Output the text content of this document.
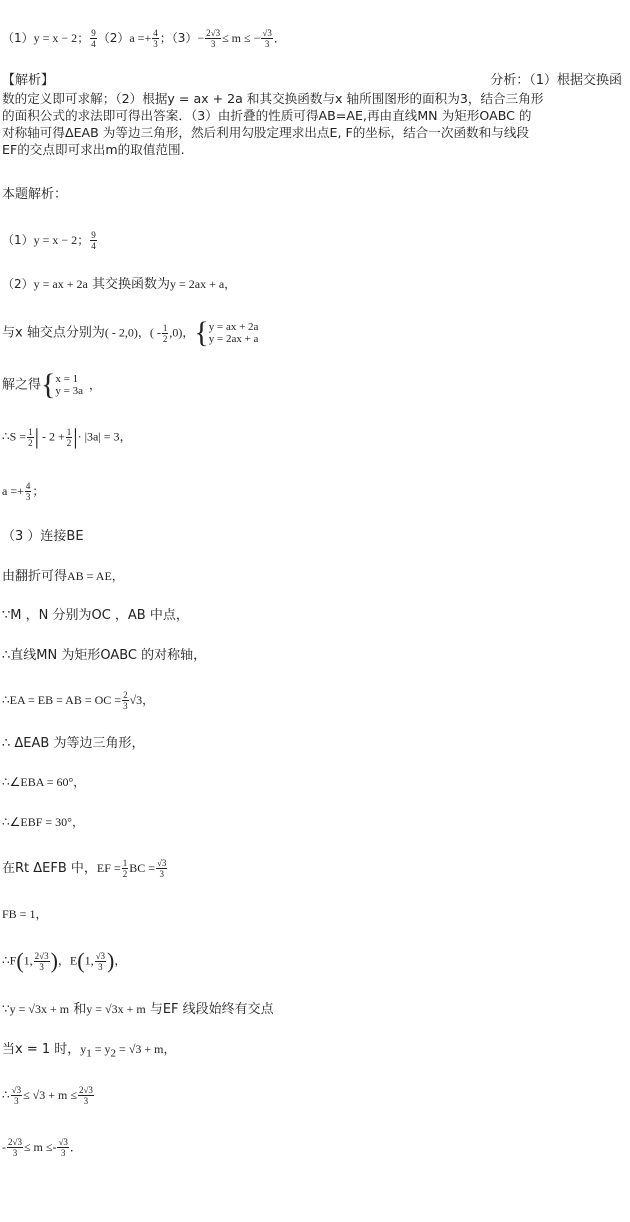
（1）y = x − 2； $\frac{9}{4} (2)a =+ \frac{4}{3}$ ；$(3)- \frac{2√3}{3} \le m$ ≤ − $\frac{√3}{3}$ ．
【解析】	分析：（1）根据交换函
数的定义即可求解；（2）根据y = ax + 2a 和其交换函数与x 轴所围图形的面积为3，结合三角形
的面积公式的求法即可得出答案．（3）由折叠的性质可得AB=AE,再由直线MN 为矩形OABC 的
对称轴可得ΔEAB 为等边三角形，然后利用勾股定理求出点E, F的坐标，结合一次函数和与线段
EF的交点即可求出m的取值范围.
本题解析：
（1）y = x − 2； $\frac{9}{4}$
（2）y = ax + 2a 其交换函数为y = 2ax + a，
与x 轴交点分别为( - 2,0)，( - $\frac{1}{2} ,0$)，{ y = ax + 2a
y = 2ax + a
解之得{ x = 1
y = 3a ，
∴S = $\frac{1}{2}$ | - $2 + \frac{1}{2}$ |· |3a| = 3，
$a =+ \frac{4}{3}$ ；
（3 ）连接BE
由翻折可得AB = AE，
∵M ，N 分别为OC ，AB 中点，
∴直线MN 为矩形OABC 的对称轴，
∴EA = EB = AB = OC = $\frac{2}{3} √3$，
∴ ΔEAB 为等边三角形，
∴∠EBA = 60°，
∴∠EBF = 30°，
在Rt ΔEFB 中，EF = $\frac{1}{2}$ BC = $\frac{√3}{3}$
FB = 1，
∴F(1, $\frac{2√3}{3}$ )，E(1, $\frac{√3}{3}$ )，
∵y = √3x + m 和y = √3x + m 与EF 线段始终有交点
当x = 1 时，$y_1 = y_2 = √3 + m$，
∴ $\frac{√3}{3} \le √3 + m \le \frac{2√3}{3}$
- $\frac{2√3}{3} \le m \le- \frac{√3}{3}$ ．
